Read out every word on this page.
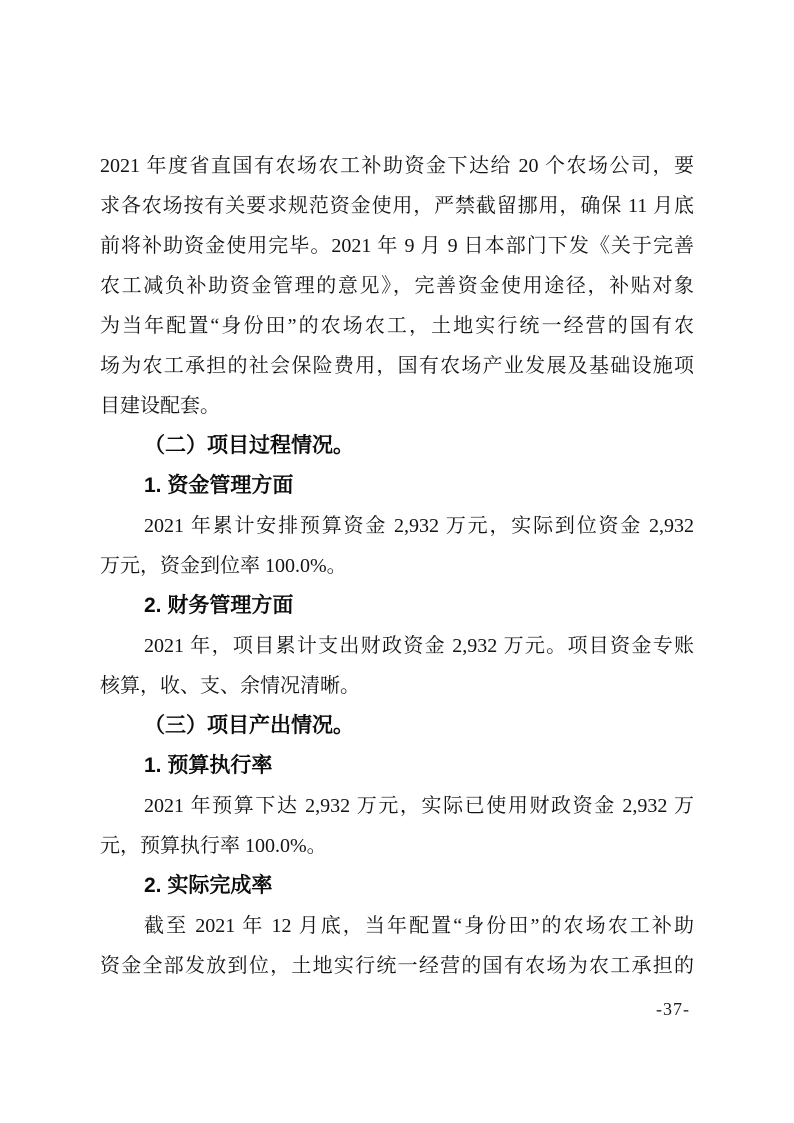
2021 年度省直国有农场农工补助资金下达给 20 个农场公司，要
求各农场按有关要求规范资金使用，严禁截留挪用，确保 11 月底
前将补助资金使用完毕。2021 年 9 月 9 日本部门下发《关于完善
农工减负补助资金管理的意见》，完善资金使用途径，补贴对象
为当年配置“身份田”的农场农工，土地实行统一经营的国有农
场为农工承担的社会保险费用，国有农场产业发展及基础设施项
目建设配套。
（二）项目过程情况。
1. 资金管理方面
2021 年累计安排预算资金 2,932 万元，实际到位资金 2,932
万元，资金到位率 100.0%。
2. 财务管理方面
2021 年，项目累计支出财政资金 2,932 万元。项目资金专账
核算，收、支、余情况清晰。
（三）项目产出情况。
1. 预算执行率
2021 年预算下达 2,932 万元，实际已使用财政资金 2,932 万
元，预算执行率 100.0%。
2. 实际完成率
截至 2021 年 12 月底，当年配置“身份田”的农场农工补助
资金全部发放到位，土地实行统一经营的国有农场为农工承担的
-37-
